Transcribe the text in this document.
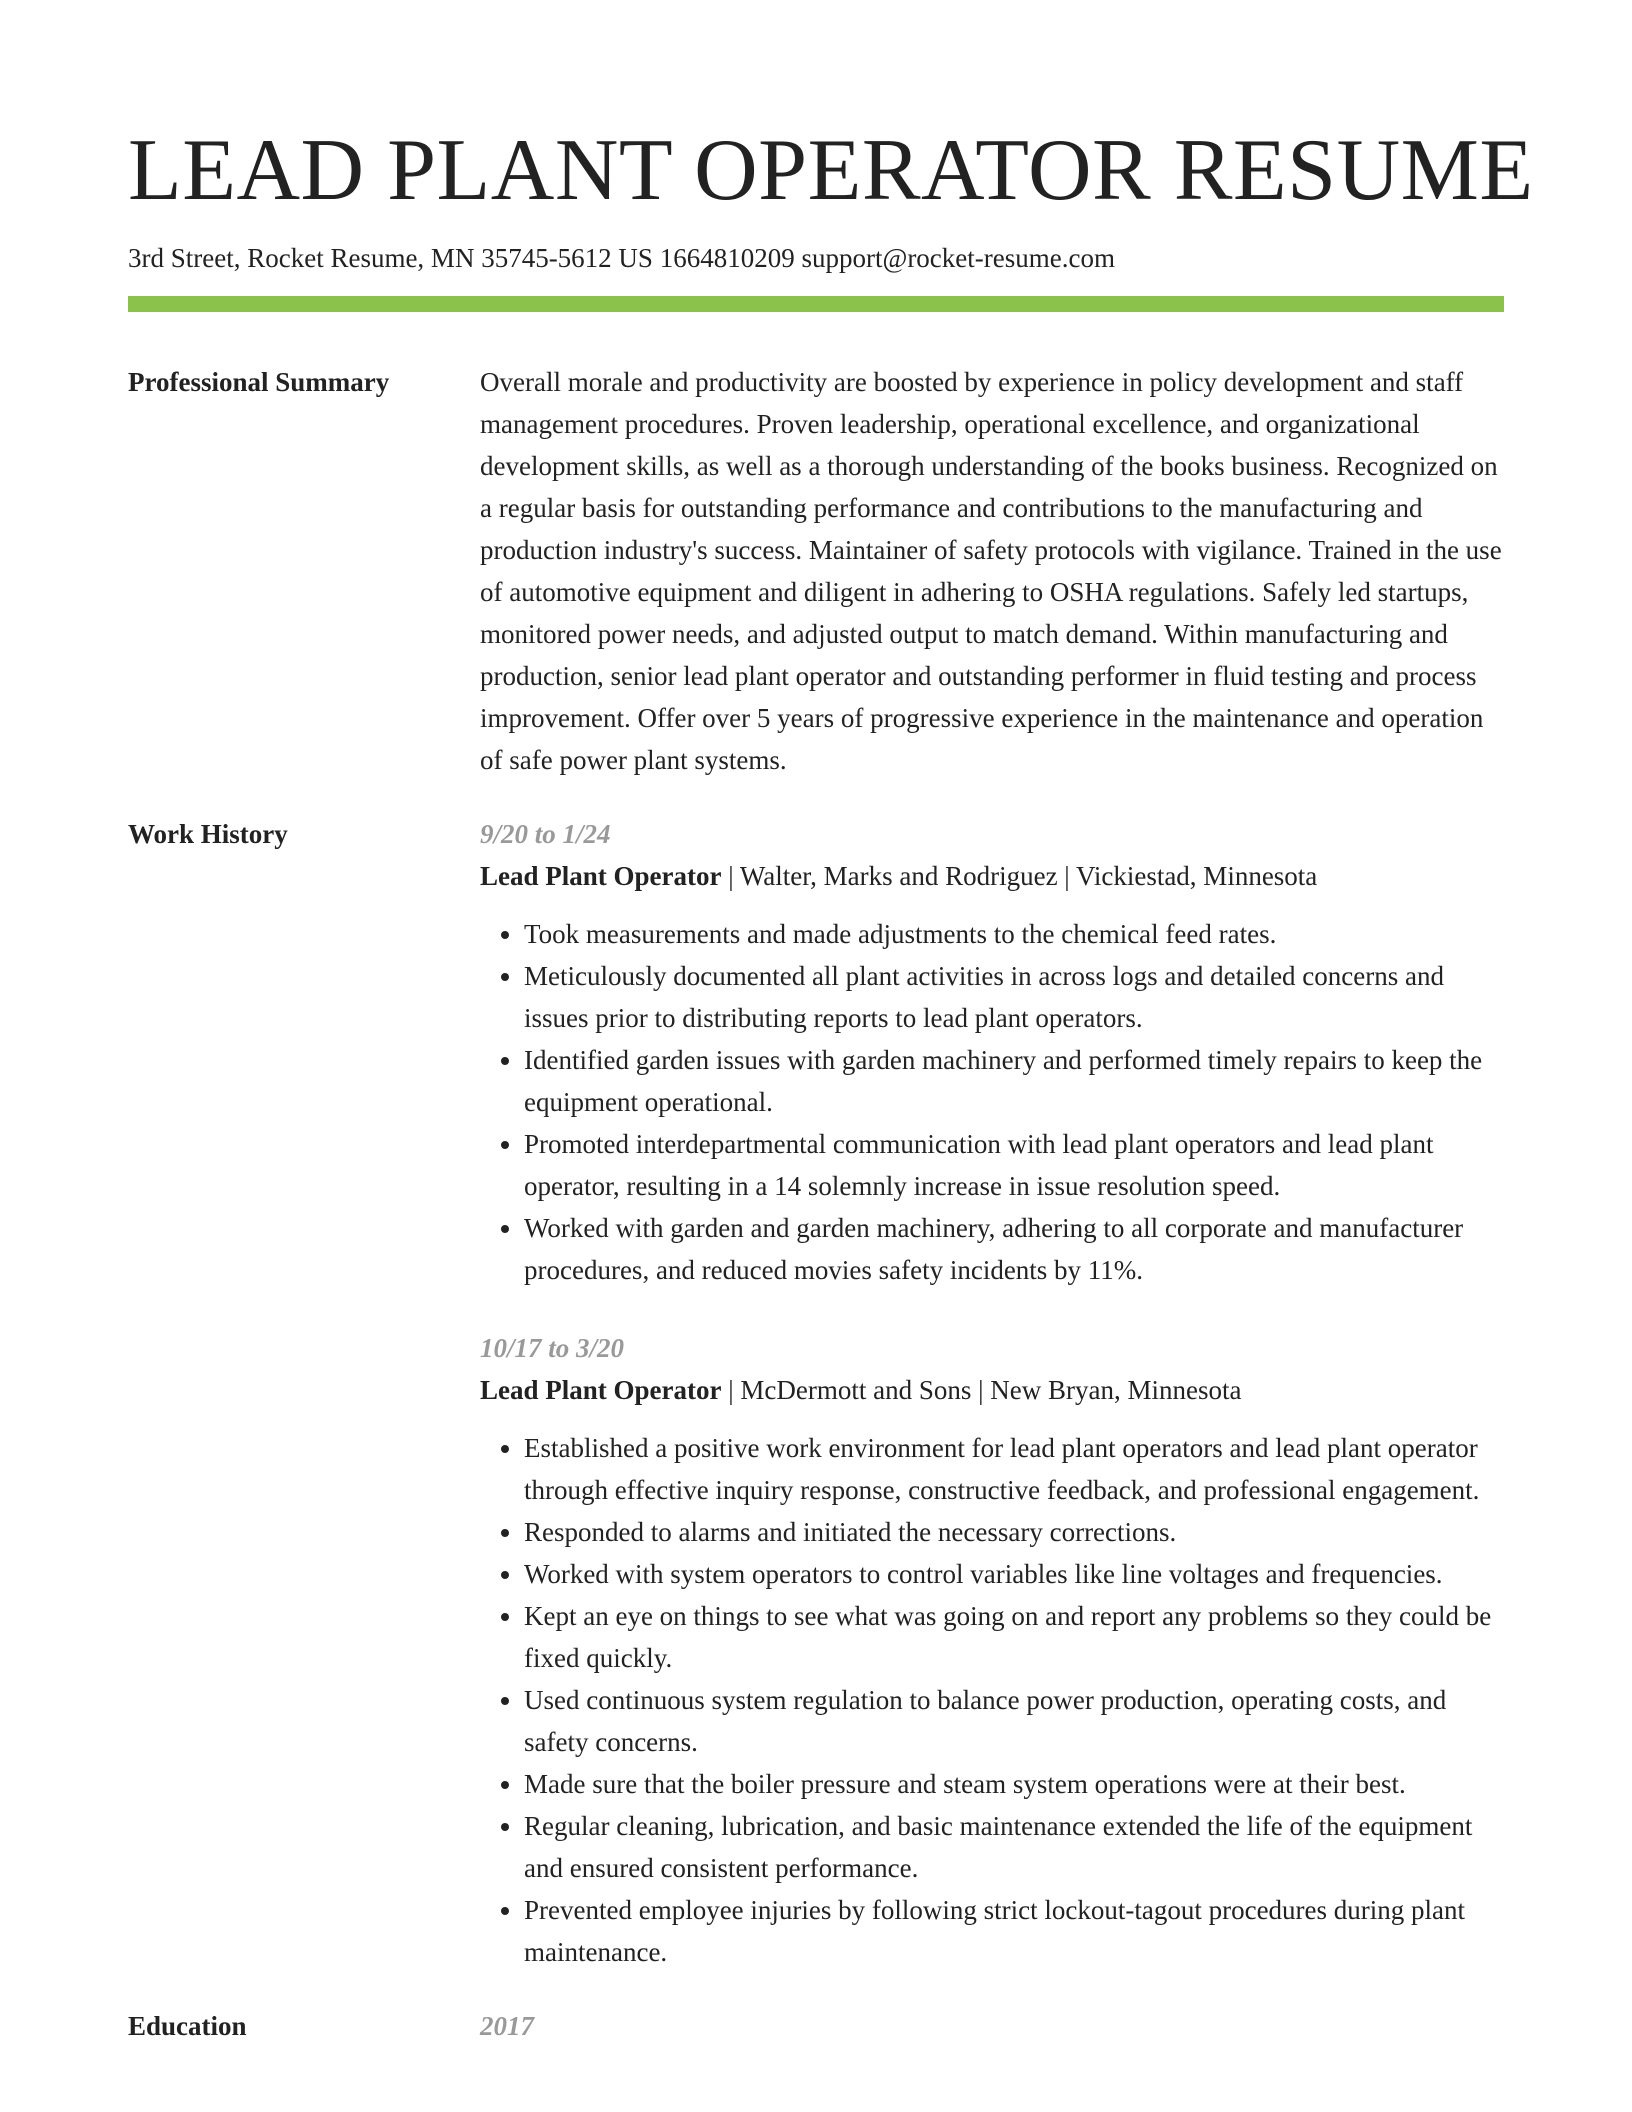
LEAD PLANT OPERATOR RESUME
3rd Street, Rocket Resume, MN 35745-5612 US 1664810209 support@rocket-resume.com
Professional Summary	Overall morale and productivity are boosted by experience in policy development and staff management procedures. Proven leadership, operational excellence, and organizational development skills, as well as a thorough understanding of the books business. Recognized on a regular basis for outstanding performance and contributions to the manufacturing and production industry's success. Maintainer of safety protocols with vigilance. Trained in the use of automotive equipment and diligent in adhering to OSHA regulations. Safely led startups, monitored power needs, and adjusted output to match demand. Within manufacturing and production, senior lead plant operator and outstanding performer in fluid testing and process improvement. Offer over 5 years of progressive experience in the maintenance and operation of safe power plant systems.

Work History	9/20 to 1/24
Lead Plant Operator | Walter, Marks and Rodriguez | Vickiestad, Minnesota
• Took measurements and made adjustments to the chemical feed rates.
• Meticulously documented all plant activities in across logs and detailed concerns and issues prior to distributing reports to lead plant operators.
• Identified garden issues with garden machinery and performed timely repairs to keep the equipment operational.
• Promoted interdepartmental communication with lead plant operators and lead plant operator, resulting in a 14 solemnly increase in issue resolution speed.
• Worked with garden and garden machinery, adhering to all corporate and manufacturer procedures, and reduced movies safety incidents by 11%.
10/17 to 3/20
Lead Plant Operator | McDermott and Sons | New Bryan, Minnesota
• Established a positive work environment for lead plant operators and lead plant operator through effective inquiry response, constructive feedback, and professional engagement.
• Responded to alarms and initiated the necessary corrections.
• Worked with system operators to control variables like line voltages and frequencies.
• Kept an eye on things to see what was going on and report any problems so they could be fixed quickly.
• Used continuous system regulation to balance power production, operating costs, and safety concerns.
• Made sure that the boiler pressure and steam system operations were at their best.
• Regular cleaning, lubrication, and basic maintenance extended the life of the equipment and ensured consistent performance.
• Prevented employee injuries by following strict lockout-tagout procedures during plant maintenance.
Education	2017
